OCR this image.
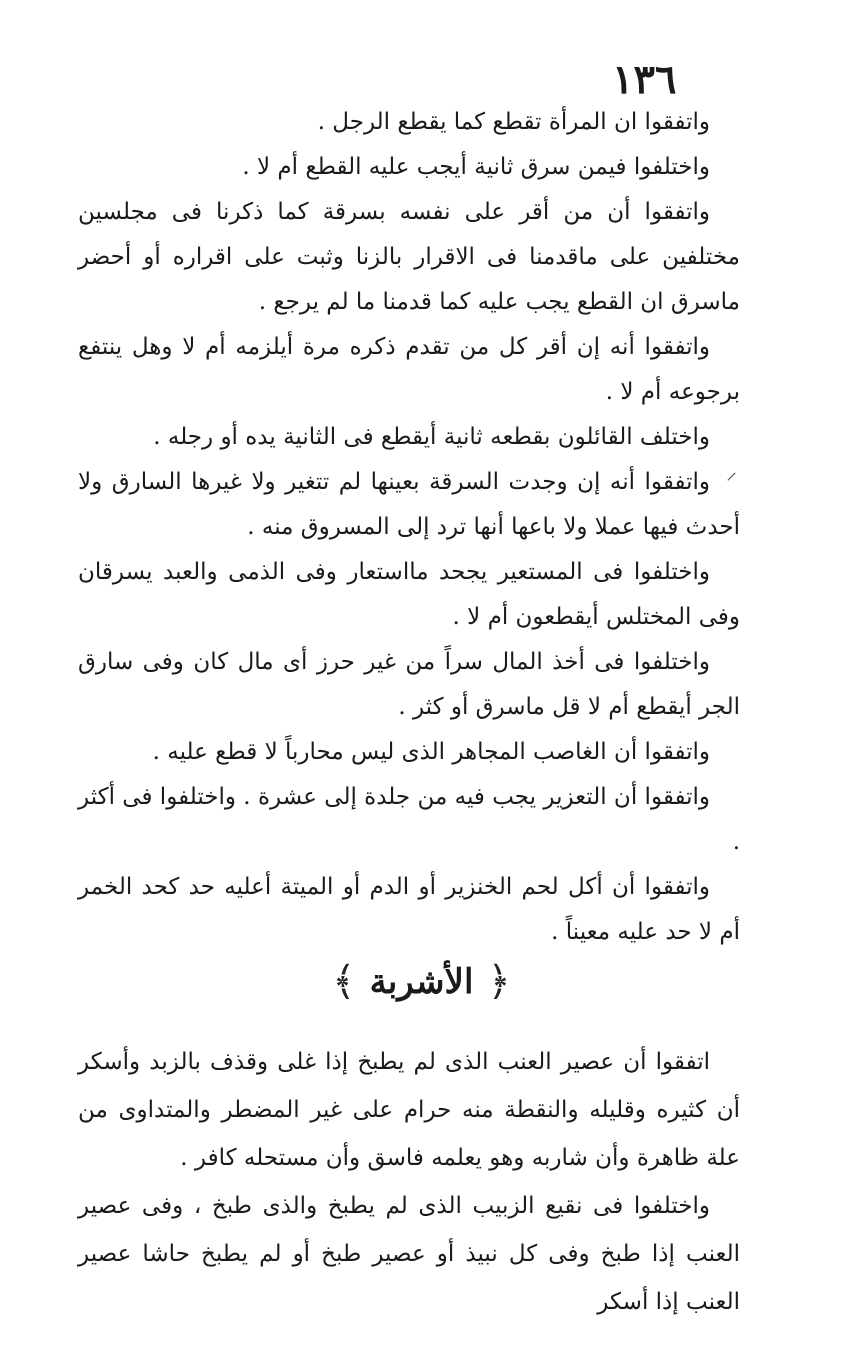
١٣٦
⸝

واتفقوا ان المرأة تقطع كما يقطع الرجل .

واختلفوا فيمن سرق ثانية أيجب عليه القطع أم لا .

واتفقوا أن من أقر على نفسه بسرقة كما ذكرنا فى مجلسين مختلفين على ماقدمنا فى الاقرار بالزنا وثبت على اقراره أو أحضر ماسرق ان القطع يجب عليه كما قدمنا ما لم يرجع .

واتفقوا أنه إن أقر كل من تقدم ذكره مرة أيلزمه أم لا وهل ينتفع برجوعه أم لا .

واختلف القائلون بقطعه ثانية أيقطع فى الثانية يده أو رجله .

واتفقوا أنه إن وجدت السرقة بعينها لم تتغير ولا غيرها السارق ولا أحدث فيها عملا ولا باعها أنها ترد إلى المسروق منه .

واختلفوا فى المستعير يجحد مااستعار وفى الذمى والعبد يسرقان وفى المختلس أيقطعون أم لا .

واختلفوا فى أخذ المال سراً من غير حرز أى مال كان وفى سارق الجر أيقطع أم لا قل ماسرق أو كثر .

واتفقوا أن الغاصب المجاهر الذى ليس محارباً لا قطع عليه .

واتفقوا أن التعزير يجب فيه من جلدة إلى عشرة . واختلفوا فى أكثر .

واتفقوا أن أكل لحم الخنزير أو الدم أو الميتة أعليه حد كحد الخمر أم لا حد عليه معيناً .

﴿
الأشربة
﴾

اتفقوا أن عصير العنب الذى لم يطبخ إذا غلى وقذف بالزبد وأسكر أن كثيره وقليله والنقطة منه حرام على غير المضطر والمتداوى من علة ظاهرة وأن شاربه وهو يعلمه فاسق وأن مستحله كافر .

واختلفوا فى نقيع الزبيب الذى لم يطبخ والذى طبخ ، وفى عصير العنب إذا طبخ وفى كل نبيذ أو عصير طبخ أو لم يطبخ حاشا عصير العنب إذا أسكر
